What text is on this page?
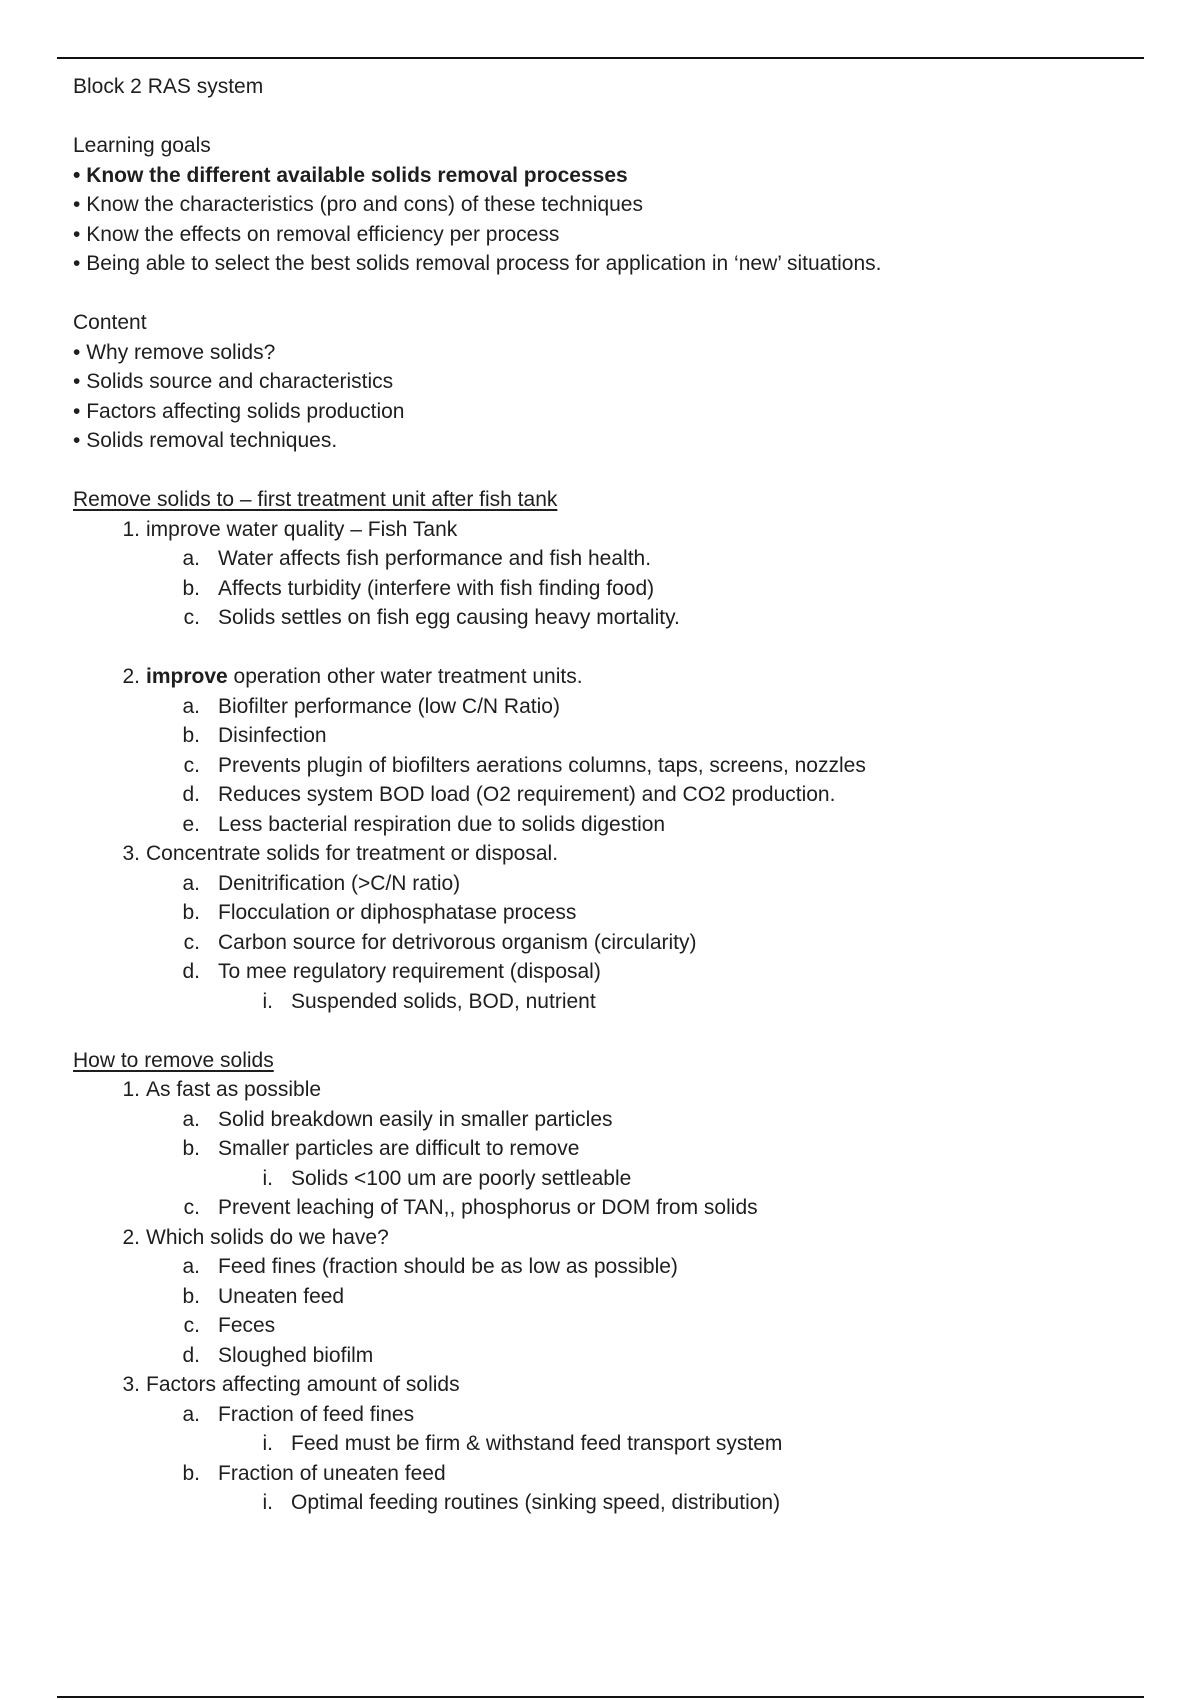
Block 2 RAS system
Learning goals
• Know the different available solids removal processes
• Know the characteristics (pro and cons) of these techniques
• Know the effects on removal efficiency per process
• Being able to select the best solids removal process for application in ‘new’ situations.
Content
• Why remove solids?
• Solids source and characteristics
• Factors affecting solids production
• Solids removal techniques.
Remove solids to – first treatment unit after fish tank
1. improve water quality – Fish Tank
a. Water affects fish performance and fish health.
b. Affects turbidity (interfere with fish finding food)
c. Solids settles on fish egg causing heavy mortality.
2. improve operation other water treatment units.
a. Biofilter performance (low C/N Ratio)
b. Disinfection
c. Prevents plugin of biofilters aerations columns, taps, screens, nozzles
d. Reduces system BOD load (O2 requirement) and CO2 production.
e. Less bacterial respiration due to solids digestion
3. Concentrate solids for treatment or disposal.
a. Denitrification (>C/N ratio)
b. Flocculation or diphosphatase process
c. Carbon source for detrivorous organism (circularity)
d. To mee regulatory requirement (disposal)
i. Suspended solids, BOD, nutrient
How to remove solids
1. As fast as possible
a. Solid breakdown easily in smaller particles
b. Smaller particles are difficult to remove
i. Solids <100 um are poorly settleable
c. Prevent leaching of TAN,, phosphorus or DOM from solids
2. Which solids do we have?
a. Feed fines (fraction should be as low as possible)
b. Uneaten feed
c. Feces
d. Sloughed biofilm
3. Factors affecting amount of solids
a. Fraction of feed fines
i. Feed must be firm & withstand feed transport system
b. Fraction of uneaten feed
i. Optimal feeding routines (sinking speed, distribution)
